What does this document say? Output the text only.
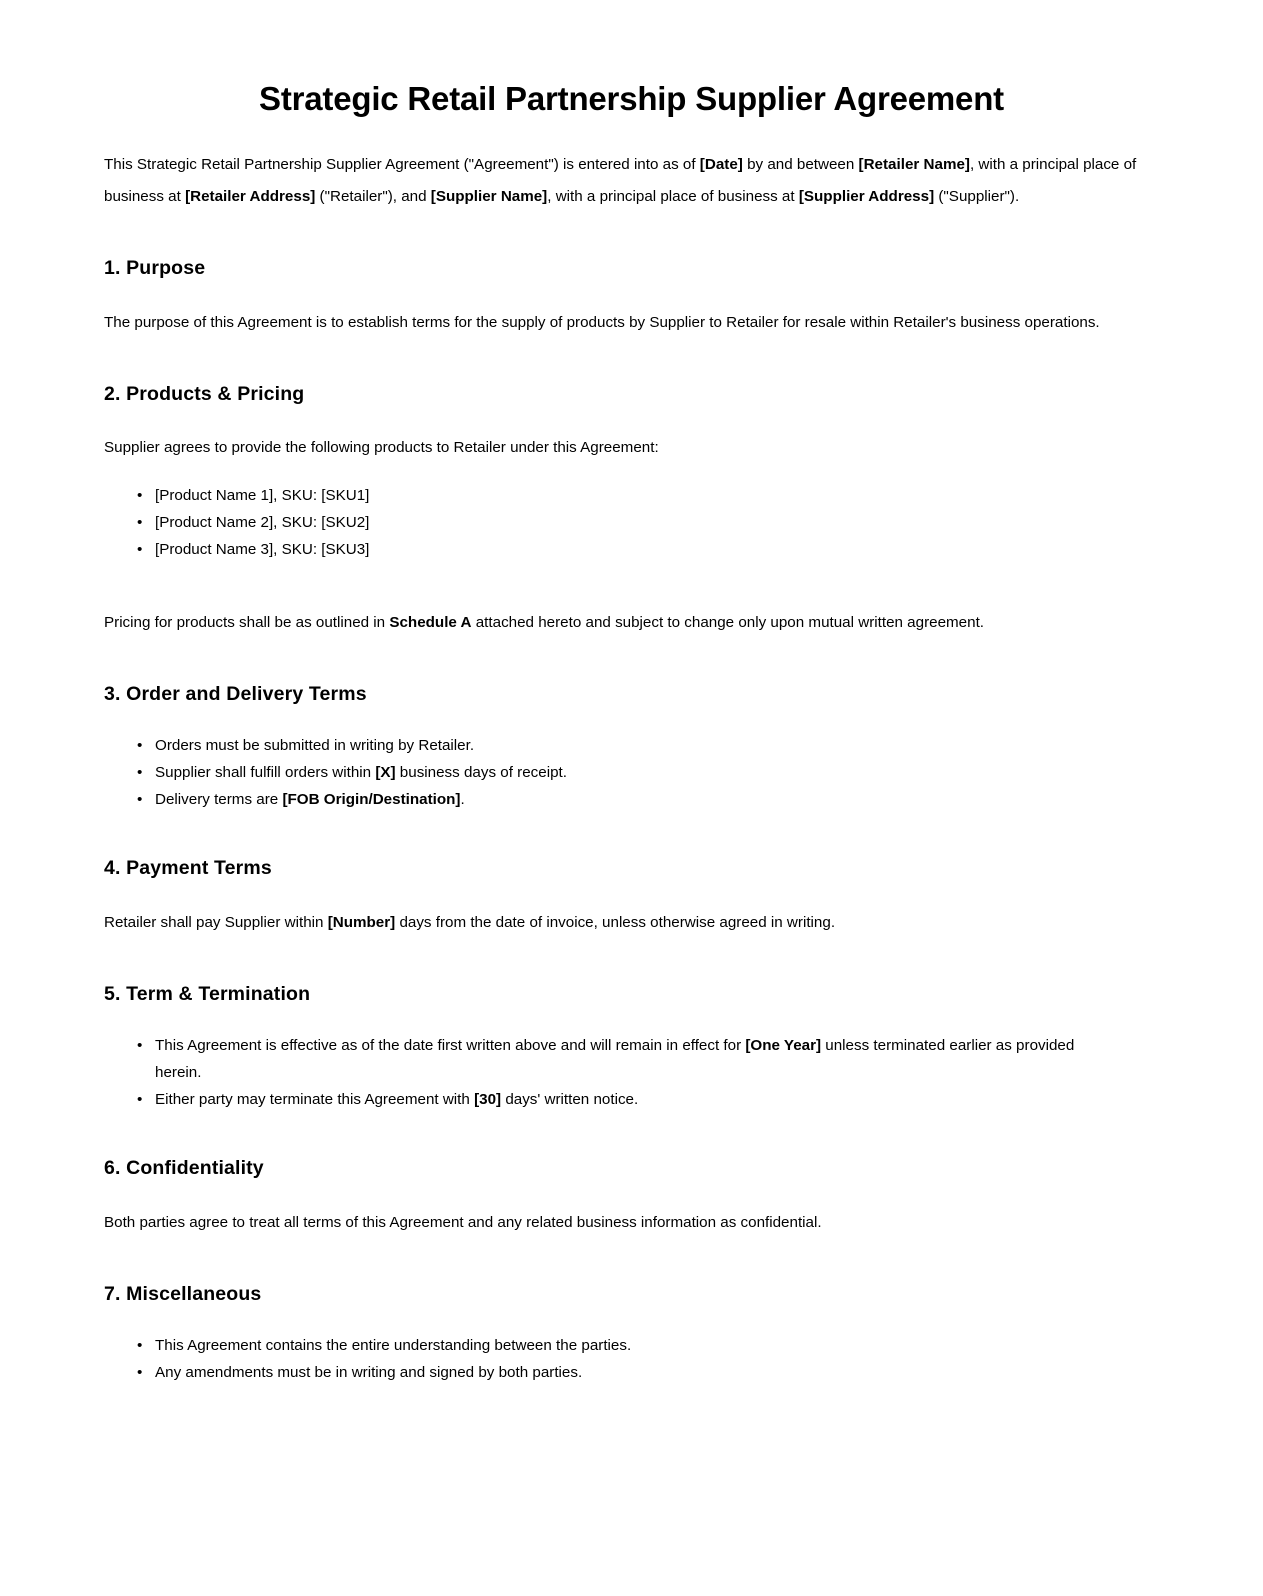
Strategic Retail Partnership Supplier Agreement

This Strategic Retail Partnership Supplier Agreement ("Agreement") is entered into as of [Date] by and between [Retailer Name], with a principal place of business at [Retailer Address] ("Retailer"), and [Supplier Name], with a principal place of business at [Supplier Address] ("Supplier").

1. Purpose

The purpose of this Agreement is to establish terms for the supply of products by Supplier to Retailer for resale within Retailer's business operations.

2. Products & Pricing

Supplier agrees to provide the following products to Retailer under this Agreement:

• [Product Name 1], SKU: [SKU1]
• [Product Name 2], SKU: [SKU2]
• [Product Name 3], SKU: [SKU3]

Pricing for products shall be as outlined in Schedule A attached hereto and subject to change only upon mutual written agreement.

3. Order and Delivery Terms
• Orders must be submitted in writing by Retailer.
• Supplier shall fulfill orders within [X] business days of receipt.
• Delivery terms are [FOB Origin/Destination].
4. Payment Terms

Retailer shall pay Supplier within [Number] days from the date of invoice, unless otherwise agreed in writing.

5. Term & Termination
• This Agreement is effective as of the date first written above and will remain in effect for [One Year] unless terminated earlier as provided herein.
• Either party may terminate this Agreement with [30] days' written notice.
6. Confidentiality

Both parties agree to treat all terms of this Agreement and any related business information as confidential.

7. Miscellaneous
• This Agreement contains the entire understanding between the parties.
• Any amendments must be in writing and signed by both parties.
